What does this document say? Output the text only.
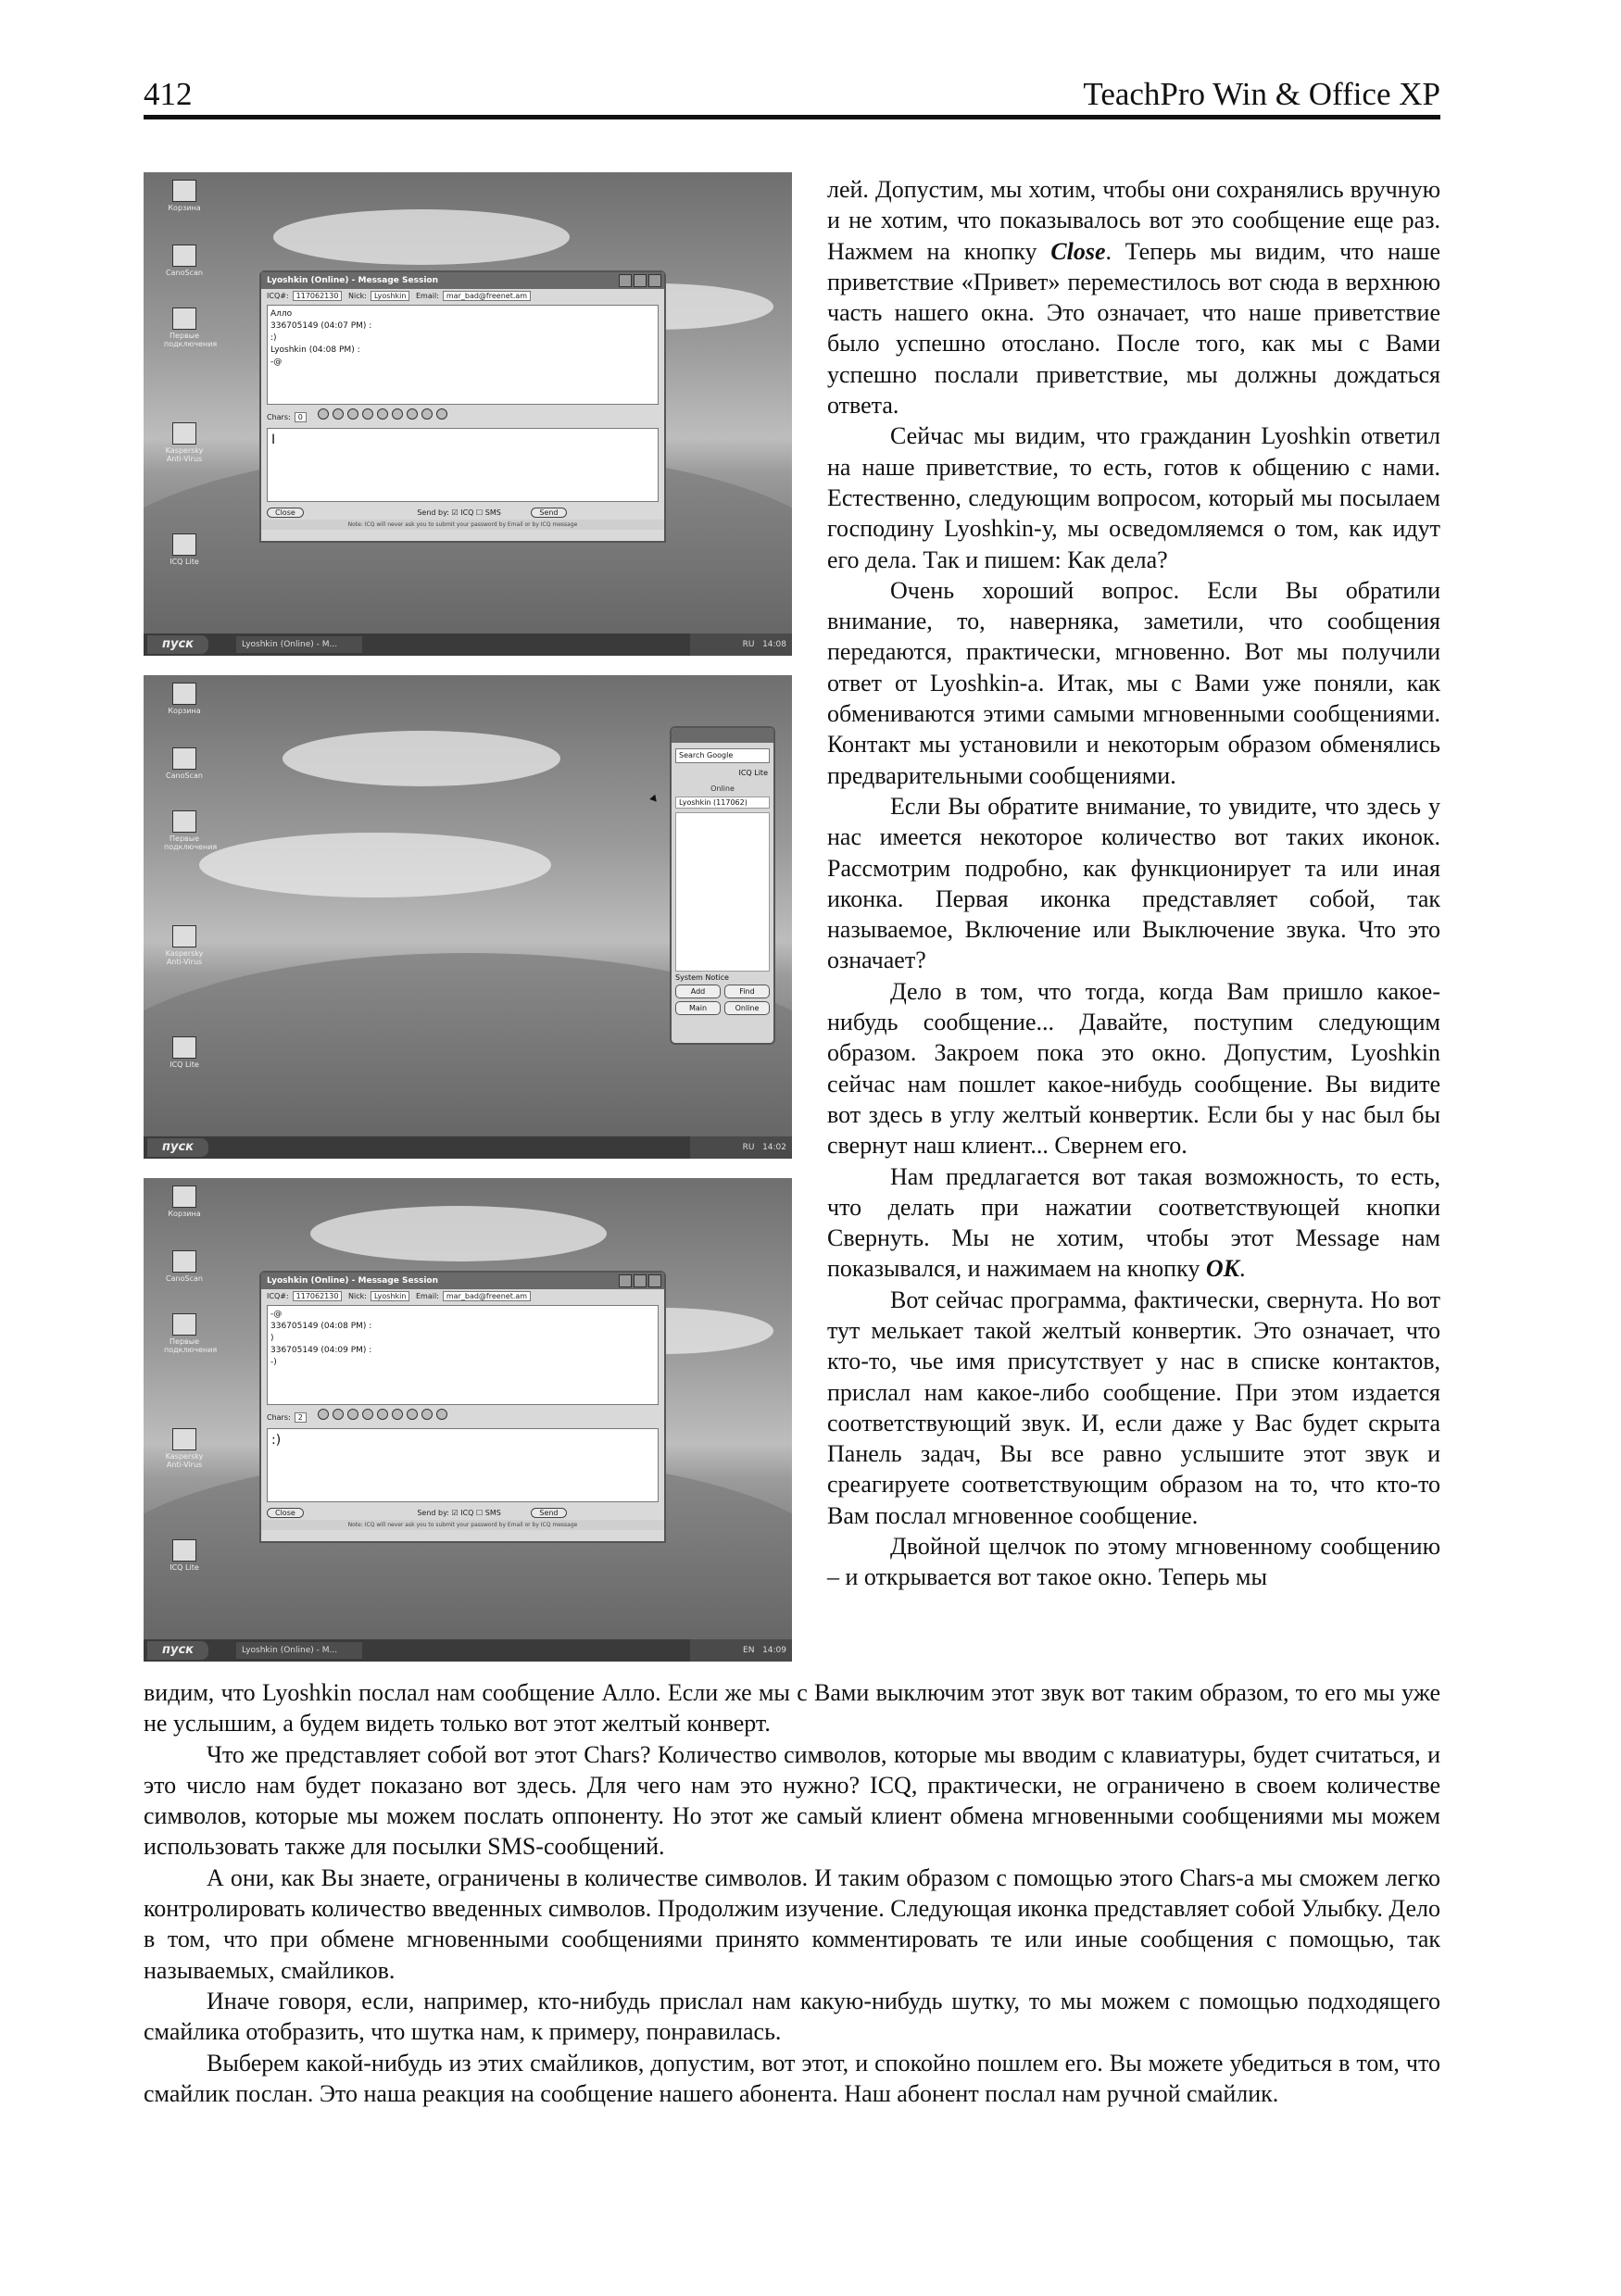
412	TeachPro Win & Office XP
Корзина
CanoScan
Первые подключения
Kaspersky Anti-Virus
ICQ Lite
Lyoshkin (Online) - Message Session
ICQ#: 117062130 Nick: Lyoshkin Email: mar_bad@freenet.am
Алло
336705149 (04:07 PM) :
:)
Lyoshkin (04:08 PM) :
-@
Chars: 0
I
Close	Send by: ☑ ICQ ☐ SMS	Send
Note: ICQ will never ask you to submit your password by Email or by ICQ message
пуск	Lyoshkin (Online) - M...	RU 14:08
Корзина
CanoScan
Первые подключения
Kaspersky Anti-Virus
ICQ Lite
Search Google
ICQ Lite
Online
Lyoshkin (117062)
System Notice
Add	Find
Main	Online
пуск	RU 14:02
Корзина
CanoScan
Первые подключения
Kaspersky Anti-Virus
ICQ Lite
Lyoshkin (Online) - Message Session
ICQ#: 117062130 Nick: Lyoshkin Email: mar_bad@freenet.am
-@
336705149 (04:08 PM) :
)
336705149 (04:09 PM) :
-)
Chars: 2
:)
Close	Send by: ☑ ICQ ☐ SMS	Send
Note: ICQ will never ask you to submit your password by Email or by ICQ message
пуск	Lyoshkin (Online) - M...	EN 14:09

лей. Допустим, мы хотим, чтобы они сохранялись вручную и не хотим, что показывалось вот это сообщение еще раз. Нажмем на кнопку Close. Теперь мы видим, что наше приветствие «Привет» переместилось вот сюда в верхнюю часть нашего окна. Это означает, что наше приветствие было успешно отослано. После того, как мы с Вами успешно послали приветствие, мы должны дождаться ответа.

Сейчас мы видим, что гражданин Lyoshkin ответил на наше приветствие, то есть, готов к общению с нами. Естественно, следующим вопросом, который мы посылаем господину Lyoshkin-у, мы осведомляемся о том, как идут его дела. Так и пишем: Как дела?

Очень хороший вопрос. Если Вы обратили внимание, то, наверняка, заметили, что сообщения передаются, практически, мгновенно. Вот мы получили ответ от Lyoshkin-а. Итак, мы с Вами уже поняли, как обмениваются этими самыми мгновенными сообщениями. Контакт мы установили и некоторым образом обменялись предварительными сообщениями.

Если Вы обратите внимание, то увидите, что здесь у нас имеется некоторое количество вот таких иконок. Рассмотрим подробно, как функционирует та или иная иконка. Первая иконка представляет собой, так называемое, Включение или Выключение звука. Что это означает?

Дело в том, что тогда, когда Вам пришло какое-нибудь сообщение... Давайте, поступим следующим образом. Закроем пока это окно. Допустим, Lyoshkin сейчас нам пошлет какое-нибудь сообщение. Вы видите вот здесь в углу желтый конвертик. Если бы у нас был бы свернут наш клиент... Свернем его.

Нам предлагается вот такая возможность, то есть, что делать при нажатии соответствующей кнопки Свернуть. Мы не хотим, чтобы этот Message нам показывался, и нажимаем на кнопку OK.

Вот сейчас программа, фактически, свернута. Но вот тут мелькает такой желтый конвертик. Это означает, что кто-то, чье имя присутствует у нас в списке контактов, прислал нам какое-либо сообщение. При этом издается соответствующий звук. И, если даже у Вас будет скрыта Панель задач, Вы все равно услышите этот звук и среагируете соответствующим образом на то, что кто-то Вам послал мгновенное сообщение.

Двойной щелчок по этому мгновенному сообщению – и открывается вот такое окно. Теперь мы

видим, что Lyoshkin послал нам сообщение Алло. Если же мы с Вами выключим этот звук вот таким образом, то его мы уже не услышим, а будем видеть только вот этот желтый конверт.

Что же представляет собой вот этот Chars? Количество символов, которые мы вводим с клавиатуры, будет считаться, и это число нам будет показано вот здесь. Для чего нам это нужно? ICQ, практически, не ограничено в своем количестве символов, которые мы можем послать оппоненту. Но этот же самый клиент обмена мгновенными сообщениями мы можем использовать также для посылки SMS-сообщений.

А они, как Вы знаете, ограничены в количестве символов. И таким образом с помощью этого Chars-а мы сможем легко контролировать количество введенных символов. Продолжим изучение. Следующая иконка представляет собой Улыбку. Дело в том, что при обмене мгновенными сообщениями принято комментировать те или иные сообщения с помощью, так называемых, смайликов.

Иначе говоря, если, например, кто-нибудь прислал нам какую-нибудь шутку, то мы можем с помощью подходящего смайлика отобразить, что шутка нам, к примеру, понравилась.

Выберем какой-нибудь из этих смайликов, допустим, вот этот, и спокойно пошлем его. Вы можете убедиться в том, что смайлик послан. Это наша реакция на сообщение нашего абонента. Наш абонент послал нам ручной смайлик.
